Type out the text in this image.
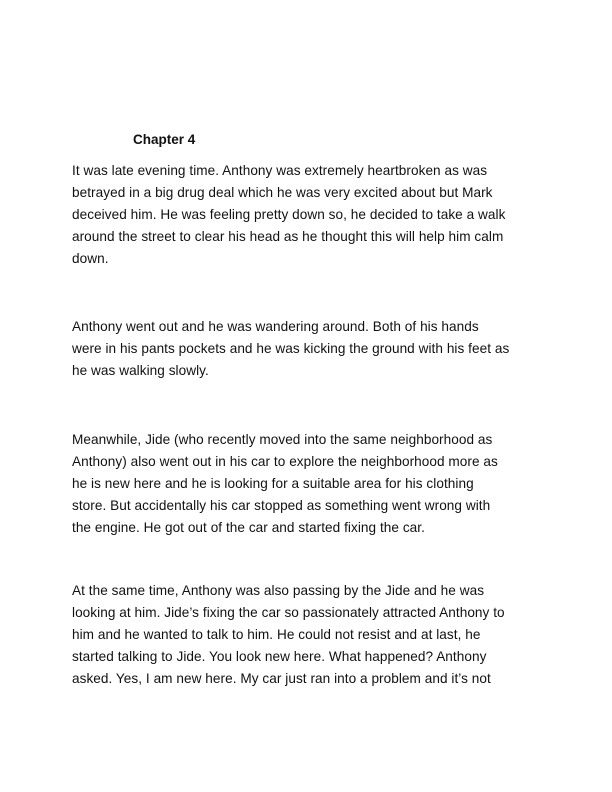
Chapter 4

It was late evening time. Anthony was extremely heartbroken as was
betrayed in a big drug deal which he was very excited about but Mark
deceived him. He was feeling pretty down so, he decided to take a walk
around the street to clear his head as he thought this will help him calm
down.

Anthony went out and he was wandering around. Both of his hands
were in his pants pockets and he was kicking the ground with his feet as
he was walking slowly.

Meanwhile, Jide (who recently moved into the same neighborhood as
Anthony) also went out in his car to explore the neighborhood more as
he is new here and he is looking for a suitable area for his clothing
store. But accidentally his car stopped as something went wrong with
the engine. He got out of the car and started fixing the car.

At the same time, Anthony was also passing by the Jide and he was
looking at him. Jide’s fixing the car so passionately attracted Anthony to
him and he wanted to talk to him. He could not resist and at last, he
started talking to Jide. You look new here. What happened? Anthony
asked. Yes, I am new here. My car just ran into a problem and it’s not
